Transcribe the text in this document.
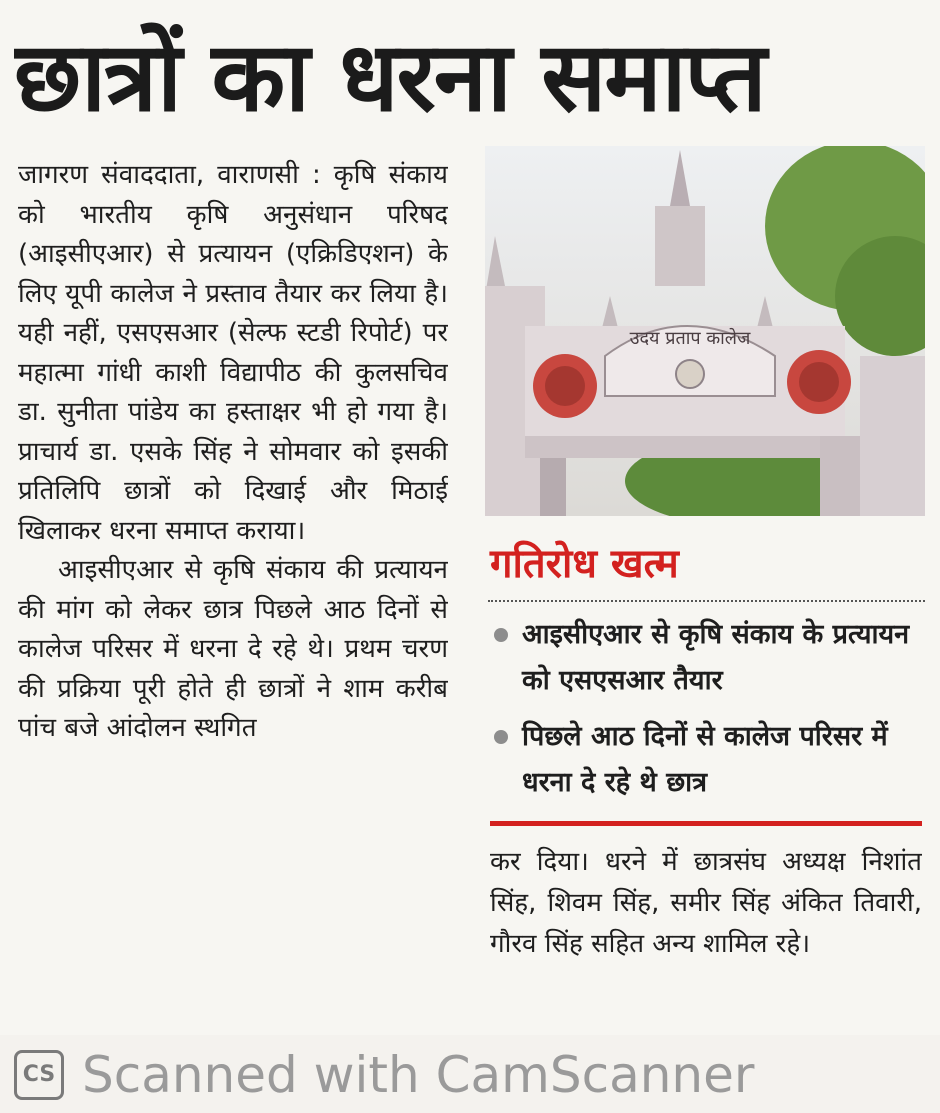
छात्रों का धरना समाप्त

जागरण संवाददाता, वाराणसी : कृषि संकाय को भारतीय कृषि अनुसंधान परिषद (आइसीएआर) से प्रत्यायन (एक्रिडिएशन) के लिए यूपी कालेज ने प्रस्ताव तैयार कर लिया है। यही नहीं, एसएसआर (सेल्फ स्टडी रिपोर्ट) पर महात्मा गांधी काशी विद्यापीठ की कुलसचिव डा. सुनीता पांडेय का हस्ताक्षर भी हो गया है। प्राचार्य डा. एसके सिंह ने सोमवार को इसकी प्रतिलिपि छात्रों को दिखाई और मिठाई खिलाकर धरना समाप्त कराया।

आइसीएआर से कृषि संकाय की प्रत्यायन की मांग को लेकर छात्र पिछले आठ दिनों से कालेज परिसर में धरना दे रहे थे। प्रथम चरण की प्रक्रिया पूरी होते ही छात्रों ने शाम करीब पांच बजे आंदोलन स्थगित

उदय प्रताप कालेज
गतिरोध खत्म
आइसीएआर से कृषि संकाय के प्रत्यायन को एसएसआर तैयार
पिछले आठ दिनों से कालेज परिसर में धरना दे रहे थे छात्र

कर दिया। धरने में छात्रसंघ अध्यक्ष निशांत सिंह, शिवम सिंह, समीर सिंह अंकित तिवारी, गौरव सिंह सहित अन्य शामिल रहे।

CS Scanned with CamScanner
